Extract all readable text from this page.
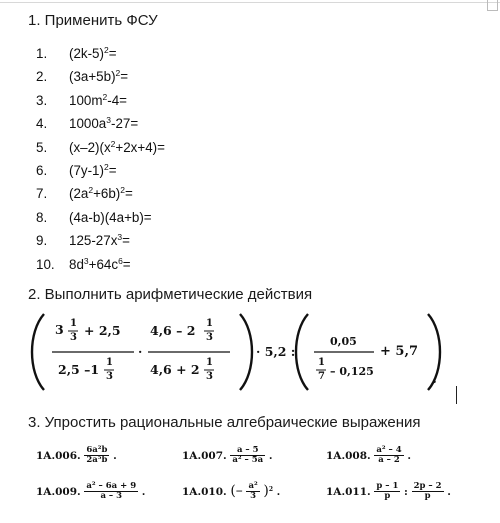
1. Применить ФСУ
1. $(2k-5)^2=$
2. $(3a+5b)^2=$
3. $100m^2-4=$
4. $1000a^3-27=$
5. $(x-2)(x^2+2x+4)=$
6. $(7y-1)^2=$
7. $(2a^2+6b)^2=$
8. (4a-b)(4a+b)=
9. $125-27x^3=$
10. $8d^3+64c^6=$
2. Выполнить арифметические действия
3 1
3 + 2,5
2,5 –1 1
3
·
4,6 – 2 1
3
4,6 + 2 1
3
· 5,2 :
0,05
1
7 – 0,125
+ 5,7
.
3. Упростить рациональные алгебраические выражения
1A.006. $\frac{\text{6a²b}}{\text{2a⁵b}}$ .	1A.007. $\frac{a - 5}{\text{a² – 5a}}$ .	1A.008. $\frac{\text{a² – 4}}{a - 2}$ .
1A.009. $\frac{\text{a² – 6a + 9}}{a - 3}$ .	1A.010. (– $\frac{\text{a²}}{3} )^2$ .	1A.011. $\frac{p - 1}{p}$ : $\frac{2p - 2}{p}$ .
